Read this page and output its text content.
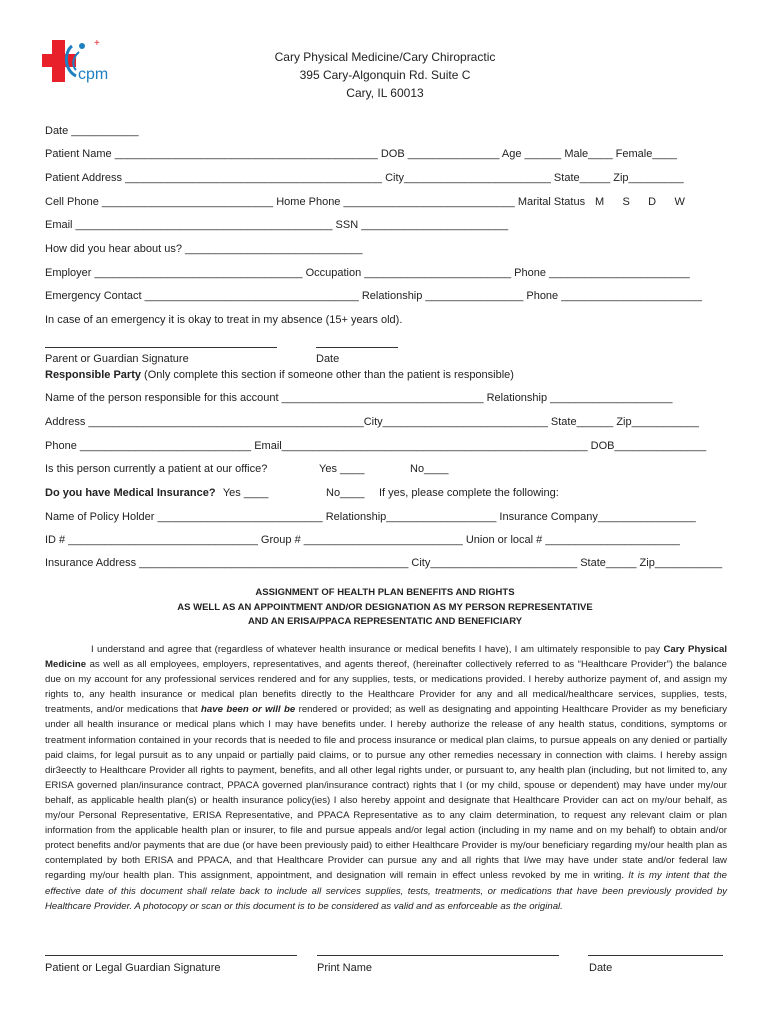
+
cpm
Cary Physical Medicine/Cary Chiropractic
395 Cary-Algonquin Rd. Suite C
Cary, IL 60013
Date ___________
Patient Name ___________________________________________ DOB _______________ Age ______ Male____ Female____
Patient Address __________________________________________ City________________________ State_____ Zip_________
Cell Phone ____________________________ Home Phone ____________________________ Marital Status M      S      D      W
Email __________________________________________ SSN ________________________
How did you hear about us? _____________________________
Employer __________________________________ Occupation ________________________ Phone _______________________
Emergency Contact ___________________________________ Relationship ________________ Phone _______________________
In case of an emergency it is okay to treat in my absence (15+ years old).
Parent or Guardian Signature	Date
Responsible Party (Only complete this section if someone other than the patient is responsible)
Name of the person responsible for this account _________________________________ Relationship ____________________
Address _____________________________________________City___________________________ State______ Zip___________
Phone ____________________________ Email__________________________________________________ DOB_______________
Is this person currently a patient at our office?	Yes ____	No____
Do you have Medical Insurance? Yes ____	No____ If yes, please complete the following:
Name of Policy Holder ___________________________ Relationship__________________ Insurance Company________________
ID # _______________________________ Group # __________________________ Union or local # ______________________
Insurance Address ____________________________________________ City________________________ State_____ Zip___________
ASSIGNMENT OF HEALTH PLAN BENEFITS AND RIGHTS
AS WELL AS AN APPOINTMENT AND/OR DESIGNATION AS MY PERSON REPRESENTATIVE
AND AN ERISA/PPACA REPRESENTATIC AND BENEFICIARY
I understand and agree that (regardless of whatever health insurance or medical benefits I have), I am ultimately responsible to pay Cary Physical Medicine as well as all employees, employers, representatives, and agents thereof, (hereinafter collectively referred to as “Healthcare Provider”) the balance due on my account for any professional services rendered and for any supplies, tests, or medications provided. I hereby authorize payment of, and assign my rights to, any health insurance or medical plan benefits directly to the Healthcare Provider for any and all medical/healthcare services, supplies, tests, treatments, and/or medications that have been or will be rendered or provided; as well as designating and appointing Healthcare Provider as my beneficiary under all health insurance or medical plans which I may have benefits under. I hereby authorize the release of any health status, conditions, symptoms or treatment information contained in your records that is needed to file and process insurance or medical plan claims, to pursue appeals on any denied or partially paid claims, for legal pursuit as to any unpaid or partially paid claims, or to pursue any other remedies necessary in connection with claims. I hereby assign dir3eectly to Healthcare Provider all rights to payment, benefits, and all other legal rights under, or pursuant to, any health plan (including, but not limited to, any ERISA governed plan/insurance contract, PPACA governed plan/insurance contract) rights that I (or my child, spouse or dependent) may have under my/our behalf, as applicable health plan(s) or health insurance policy(ies) I also hereby appoint and designate that Healthcare Provider can act on my/our behalf, as my/our Personal Representative, ERISA Representative, and PPACA Representative as to any claim determination, to request any relevant claim or plan information from the applicable health plan or insurer, to file and pursue appeals and/or legal action (including in my name and on my behalf) to obtain and/or protect benefits and/or payments that are due (or have been previously paid) to either Healthcare Provider is my/our beneficiary regarding my/our health plan as contemplated by both ERISA and PPACA, and that Healthcare Provider can pursue any and all rights that I/we may have under state and/or federal law regarding my/our health plan. This assignment, appointment, and designation will remain in effect unless revoked by me in writing. It is my intent that the effective date of this document shall relate back to include all services supplies, tests, treatments, or medications that have been previously provided by Healthcare Provider. A photocopy or scan or this document is to be considered as valid and as enforceable as the original.
Patient or Legal Guardian Signature	Print Name	Date
